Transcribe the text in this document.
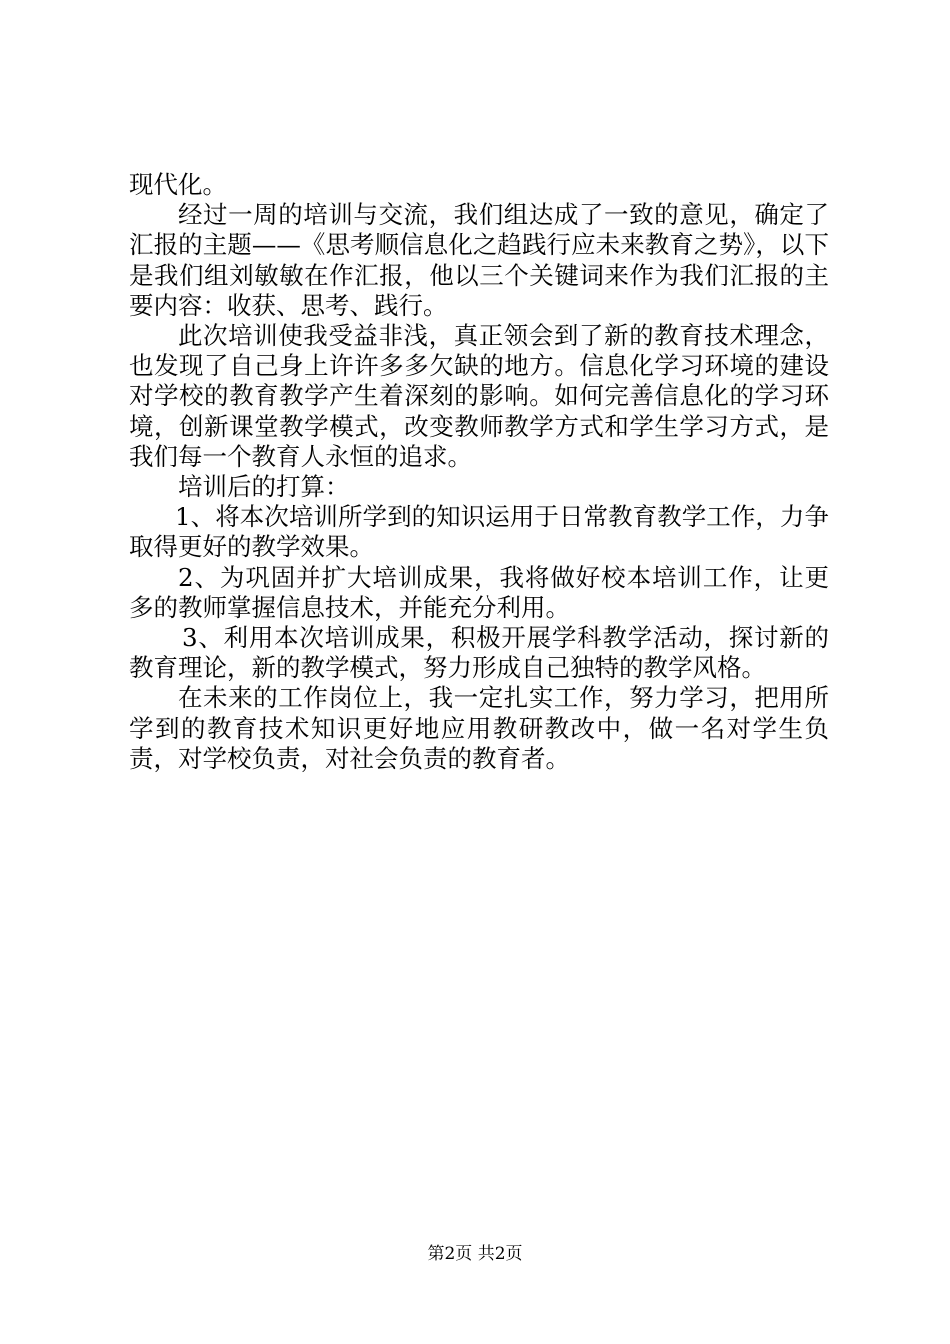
现代化。

经过一周的培训与交流，我们组达成了一致的意见，确定了汇报的主题——《思考顺信息化之趋践行应未来教育之势》，以下是我们组刘敏敏在作汇报，他以三个关键词来作为我们汇报的主要内容：收获、思考、践行。

此次培训使我受益非浅，真正领会到了新的教育技术理念，也发现了自己身上许许多多欠缺的地方。信息化学习环境的建设对学校的教育教学产生着深刻的影响。如何完善信息化的学习环境，创新课堂教学模式，改变教师教学方式和学生学习方式，是我们每一个教育人永恒的追求。

培训后的打算：

1、将本次培训所学到的知识运用于日常教育教学工作，力争取得更好的教学效果。

2、为巩固并扩大培训成果，我将做好校本培训工作，让更多的教师掌握信息技术，并能充分利用。

3、利用本次培训成果，积极开展学科教学活动，探讨新的教育理论，新的教学模式，努力形成自己独特的教学风格。

在未来的工作岗位上，我一定扎实工作，努力学习，把用所学到的教育技术知识更好地应用教研教改中，做一名对学生负责，对学校负责，对社会负责的教育者。

第2页 共2页
